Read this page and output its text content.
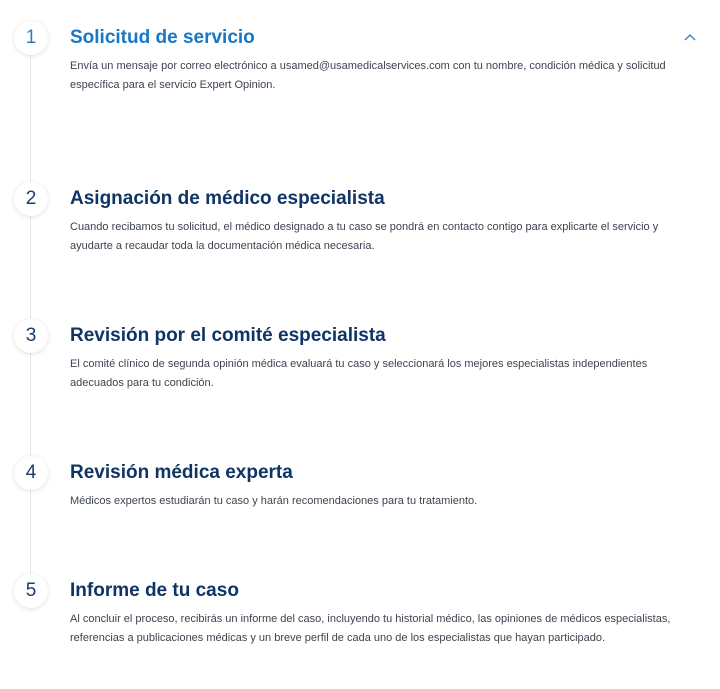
1 Solicitud de servicio

Envía un mensaje por correo electrónico a usamed@usamedicalservices.com con tu nombre, condición médica y solicitud específica para el servicio Expert Opinion.

2 Asignación de médico especialista

Cuando recibamos tu solicitud, el médico designado a tu caso se pondrá en contacto contigo para explicarte el servicio y ayudarte a recaudar toda la documentación médica necesaria.

3 Revisión por el comité especialista

El comité clínico de segunda opinión médica evaluará tu caso y seleccionará los mejores especialistas independientes adecuados para tu condición.

4 Revisión médica experta

Médicos expertos estudiarán tu caso y harán recomendaciones para tu tratamiento.

5 Informe de tu caso

Al concluir el proceso, recibirás un informe del caso, incluyendo tu historial médico, las opiniones de médicos especialistas, referencias a publicaciones médicas y un breve perfil de cada uno de los especialistas que hayan participado.
